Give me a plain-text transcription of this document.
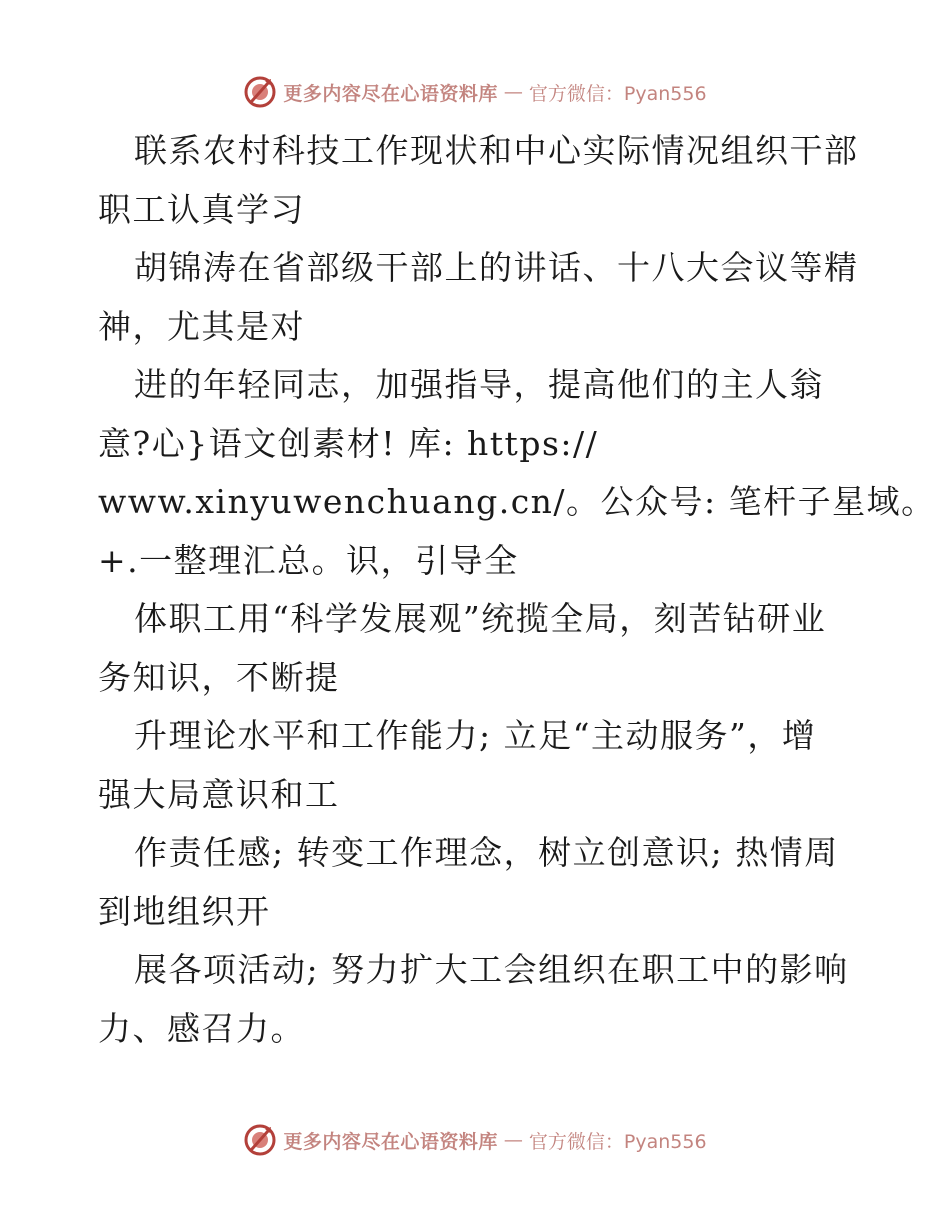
更多内容尽在心语资料库 — 官方微信：Pyan556
联系农村科技工作现状和中心实际情况组织干部
职工认真学习
胡锦涛在省部级干部上的讲话、十八大会议等精
神，尤其是对
进的年轻同志，加强指导，提高他们的主人翁
意?心}语文创素材! 库: https://
www.xinyuwenchuang.cn/。公众号: 笔杆子星域。
+.一整理汇总。识，引导全
体职工用“科学发展观”统揽全局，刻苦钻研业
务知识，不断提
升理论水平和工作能力; 立足“主动服务”，增
强大局意识和工
作责任感; 转变工作理念，树立创意识; 热情周
到地组织开
展各项活动; 努力扩大工会组织在职工中的影响
力、感召力。
更多内容尽在心语资料库 — 官方微信：Pyan556
